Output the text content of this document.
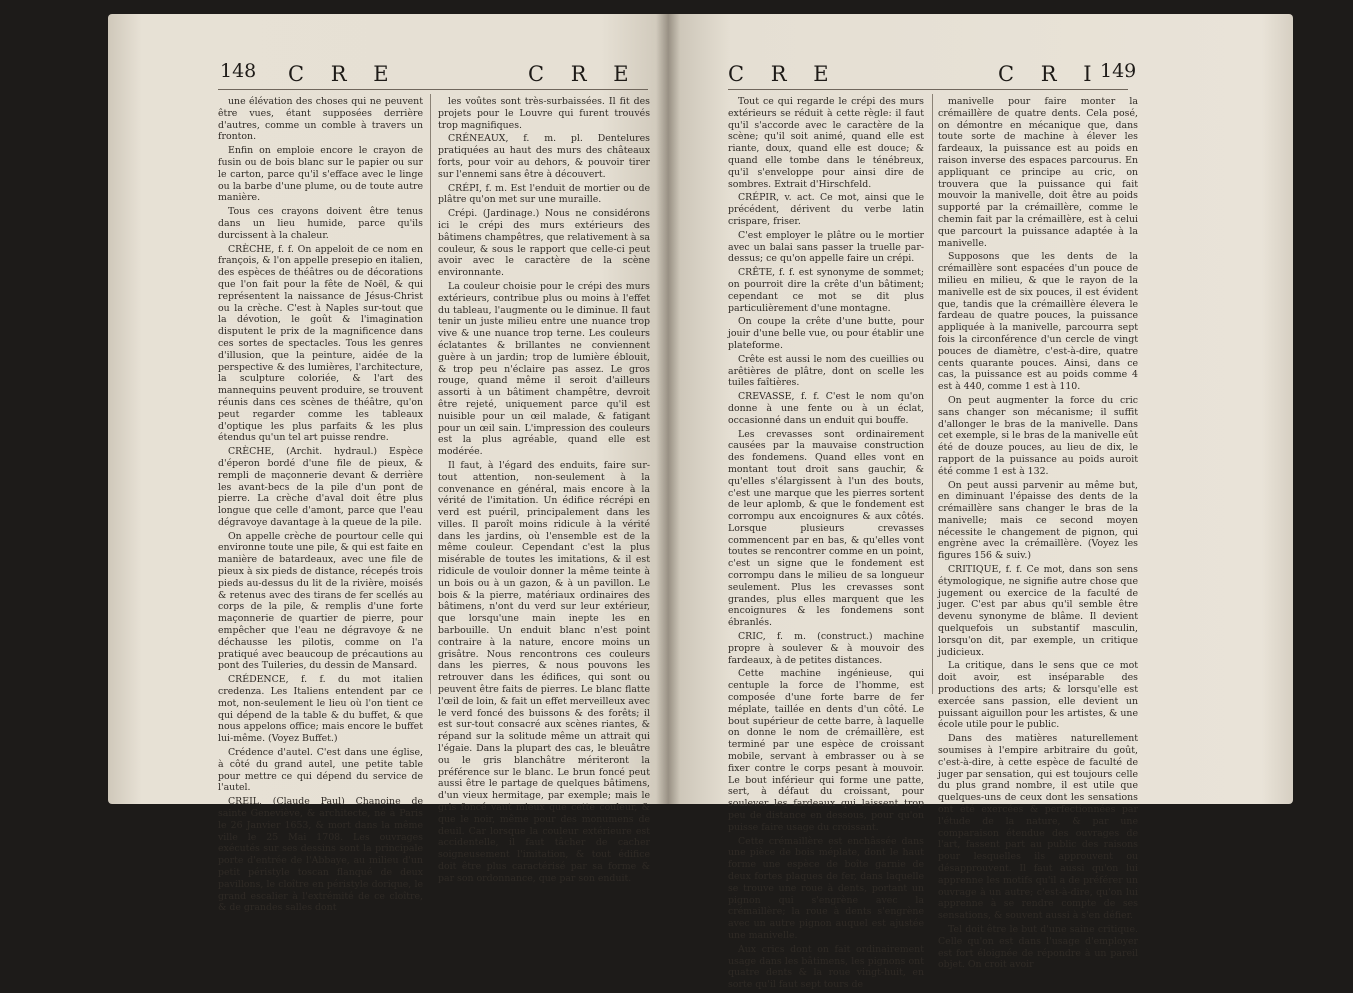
148 C R E	C R E

une élévation des choses qui ne peuvent être vues, étant supposées derrière d'autres, comme un comble à travers un fronton.

Enfin on emploie encore le crayon de fusin ou de bois blanc sur le papier ou sur le carton, parce qu'il s'efface avec le linge ou la barbe d'une plume, ou de toute autre manière.

Tous ces crayons doivent être tenus dans un lieu humide, parce qu'ils durcissent à la chaleur.

CRÈCHE, f. f. On appeloit de ce nom en françois, & l'on appelle presepio en italien, des espèces de théâtres ou de décorations que l'on fait pour la fête de Noël, & qui représentent la naissance de Jésus-Christ ou la crèche. C'est à Naples sur-tout que la dévotion, le goût & l'imagination disputent le prix de la magnificence dans ces sortes de spectacles. Tous les genres d'illusion, que la peinture, aidée de la perspective & des lumières, l'architecture, la sculpture coloriée, & l'art des mannequins peuvent produire, se trouvent réunis dans ces scènes de théâtre, qu'on peut regarder comme les tableaux d'optique les plus parfaits & les plus étendus qu'un tel art puisse rendre.

CRÈCHE, (Archit. hydraul.) Espèce d'éperon bordé d'une file de pieux, & rempli de maçonnerie devant & derrière les avant-becs de la pile d'un pont de pierre. La crèche d'aval doit être plus longue que celle d'amont, parce que l'eau dégravoye davantage à la queue de la pile.

On appelle crèche de pourtour celle qui environne toute une pile, & qui est faite en manière de batardeaux, avec une file de pieux à six pieds de distance, récepés trois pieds au-dessus du lit de la rivière, moisés & retenus avec des tirans de fer scellés au corps de la pile, & remplis d'une forte maçonnerie de quartier de pierre, pour empêcher que l'eau ne dégravoye & ne déchausse les pilotis, comme on l'a pratiqué avec beaucoup de précautions au pont des Tuileries, du dessin de Mansard.

CRÉDENCE, f. f. du mot italien credenza. Les Italiens entendent par ce mot, non-seulement le lieu où l'on tient ce qui dépend de la table & du buffet, & que nous appelons office; mais encore le buffet lui-même. (Voyez Buffet.)

Crédence d'autel. C'est dans une église, à côté du grand autel, une petite table pour mettre ce qui dépend du service de l'autel.

CREIL, (Claude Paul) Chanoine de sainte Geneviève, & architecte, né à Paris le 26 Janvier 1653, & mort dans la même ville le 25 Mai 1708. Les ouvrages exécutés sur ses dessins sont la principale porte d'entrée de l'Abbaye, au milieu d'un petit péristyle toscan flanqué de deux pavillons, le cloître en péristyle dorique, le grand escalier à l'extrémité de ce cloître, & de grandes salles dont

les voûtes sont très-surbaissées. Il fit des projets pour le Louvre qui furent trouvés trop magnifiques.

CRÉNEAUX, f. m. pl. Dentelures pratiquées au haut des murs des châteaux forts, pour voir au dehors, & pouvoir tirer sur l'ennemi sans être à découvert.

CRÉPI, f. m. Est l'enduit de mortier ou de plâtre qu'on met sur une muraille.

Crépi. (Jardinage.) Nous ne considérons ici le crépi des murs extérieurs des bâtimens champêtres, que relativement à sa couleur, & sous le rapport que celle-ci peut avoir avec le caractère de la scène environnante.

La couleur choisie pour le crépi des murs extérieurs, contribue plus ou moins à l'effet du tableau, l'augmente ou le diminue. Il faut tenir un juste milieu entre une nuance trop vive & une nuance trop terne. Les couleurs éclatantes & brillantes ne conviennent guère à un jardin; trop de lumière éblouit, & trop peu n'éclaire pas assez. Le gros rouge, quand même il seroit d'ailleurs assorti à un bâtiment champêtre, devroit être rejeté, uniquement parce qu'il est nuisible pour un œil malade, & fatigant pour un œil sain. L'impression des couleurs est la plus agréable, quand elle est modérée.

Il faut, à l'égard des enduits, faire sur-tout attention, non-seulement à la convenance en général, mais encore à la vérité de l'imitation. Un édifice récrépi en verd est puéril, principalement dans les villes. Il paroît moins ridicule à la vérité dans les jardins, où l'ensemble est de la même couleur. Cependant c'est la plus misérable de toutes les imitations, & il est ridicule de vouloir donner la même teinte à un bois ou à un gazon, & à un pavillon. Le bois & la pierre, matériaux ordinaires des bâtimens, n'ont du verd sur leur extérieur, que lorsqu'une main inepte les en barbouille. Un enduit blanc n'est point contraire à la nature, encore moins un grisâtre. Nous rencontrons ces couleurs dans les pierres, & nous pouvons les retrouver dans les édifices, qui sont ou peuvent être faits de pierres. Le blanc flatte l'œil de loin, & fait un effet merveilleux avec le verd foncé des buissons & des forêts; il est sur-tout consacré aux scènes riantes, & répand sur la solitude même un attrait qui l'égaie. Dans la plupart des cas, le bleuâtre ou le gris blanchâtre mériteront la préférence sur le blanc. Le brun foncé peut aussi être le partage de quelques bâtimens, d'un vieux hermitage, par exemple; mais le gris foncé vaut mieux que cette couleur, & que le noir, même pour des monumens de deuil. Car lorsque la couleur extérieure est accidentelle, il faut tâcher de cacher soigneusement l'imitation, & tout édifice doit être plus caractérisé par sa forme & par son ordonnance, que par son enduit.

C R E	C R I
149

Tout ce qui regarde le crépi des murs extérieurs se réduit à cette règle: il faut qu'il s'accorde avec le caractère de la scène; qu'il soit animé, quand elle est riante, doux, quand elle est douce; & quand elle tombe dans le ténébreux, qu'il s'enveloppe pour ainsi dire de sombres. Extrait d'Hirschfeld.

CRÉPIR, v. act. Ce mot, ainsi que le précédent, dérivent du verbe latin crispare, friser.

C'est employer le plâtre ou le mortier avec un balai sans passer la truelle par-dessus; ce qu'on appelle faire un crépi.

CRÊTE, f. f. est synonyme de sommet; on pourroit dire la crête d'un bâtiment; cependant ce mot se dit plus particulièrement d'une montagne.

On coupe la crête d'une butte, pour jouir d'une belle vue, ou pour établir une plateforme.

Crête est aussi le nom des cueillies ou arêtières de plâtre, dont on scelle les tuiles faîtières.

CREVASSE, f. f. C'est le nom qu'on donne à une fente ou à un éclat, occasionné dans un enduit qui bouffe.

Les crevasses sont ordinairement causées par la mauvaise construction des fondemens. Quand elles vont en montant tout droit sans gauchir, & qu'elles s'élargissent à l'un des bouts, c'est une marque que les pierres sortent de leur aplomb, & que le fondement est corrompu aux encoignures & aux côtés. Lorsque plusieurs crevasses commencent par en bas, & qu'elles vont toutes se rencontrer comme en un point, c'est un signe que le fondement est corrompu dans le milieu de sa longueur seulement. Plus les crevasses sont grandes, plus elles marquent que les encoignures & les fondemens sont ébranlés.

CRIC, f. m. (construct.) machine propre à soulever & à mouvoir des fardeaux, à de petites distances.

Cette machine ingénieuse, qui centuple la force de l'homme, est composée d'une forte barre de fer méplate, taillée en dents d'un côté. Le bout supérieur de cette barre, à laquelle on donne le nom de crémaillère, est terminé par une espèce de croissant mobile, servant à embrasser ou à se fixer contre le corps pesant à mouvoir. Le bout inférieur qui forme une patte, sert, à défaut du croissant, pour soulever les fardeaux qui laissent trop peu de distance en dessous, pour qu'on puisse faire usage du croissant.

Cette crémaillère est enchâssée dans une pièce de bois méplate, dont le haut forme une espèce de boîte garnie de deux fortes plaques de fer, dans laquelle se trouve une roue à dents, portant un pignon qui s'engrène avec la crémaillère; la roue à dents s'engrène avec un autre pignon auquel est ajustée une manivelle.

Aux crics dont on fait ordinairement usage dans les bâtimens, les pignons ont quatre dents & la roue vingt-huit, en sorte qu'il faut sept tours de

manivelle pour faire monter la crémaillère de quatre dents. Cela posé, on démontre en mécanique que, dans toute sorte de machine à élever les fardeaux, la puissance est au poids en raison inverse des espaces parcourus. En appliquant ce principe au cric, on trouvera que la puissance qui fait mouvoir la manivelle, doit être au poids supporté par la crémaillère, comme le chemin fait par la crémaillère, est à celui que parcourt la puissance adaptée à la manivelle.

Supposons que les dents de la crémaillère sont espacées d'un pouce de milieu en milieu, & que le rayon de la manivelle est de six pouces, il est évident que, tandis que la crémaillère élevera le fardeau de quatre pouces, la puissance appliquée à la manivelle, parcourra sept fois la circonférence d'un cercle de vingt pouces de diamètre, c'est-à-dire, quatre cents quarante pouces. Ainsi, dans ce cas, la puissance est au poids comme 4 est à 440, comme 1 est à 110.

On peut augmenter la force du cric sans changer son mécanisme; il suffit d'allonger le bras de la manivelle. Dans cet exemple, si le bras de la manivelle eût été de douze pouces, au lieu de dix, le rapport de la puissance au poids auroit été comme 1 est à 132.

On peut aussi parvenir au même but, en diminuant l'épaisse des dents de la crémaillère sans changer le bras de la manivelle; mais ce second moyen nécessite le changement de pignon, qui engrène avec la crémaillère. (Voyez les figures 156 & suiv.)

CRITIQUE, f. f. Ce mot, dans son sens étymologique, ne signifie autre chose que jugement ou exercice de la faculté de juger. C'est par abus qu'il semble être devenu synonyme de blâme. Il devient quelquefois un substantif masculin, lorsqu'on dit, par exemple, un critique judicieux.

La critique, dans le sens que ce mot doit avoir, est inséparable des productions des arts; & lorsqu'elle est exercée sans passion, elle devient un puissant aiguillon pour les artistes, & une école utile pour le public.

Dans des matières naturellement soumises à l'empire arbitraire du goût, c'est-à-dire, à cette espèce de faculté de juger par sensation, qui est toujours celle du plus grand nombre, il est utile que quelques-uns de ceux dont les sensations ont été exercées & perfectionnées par l'étude de la nature, & par une comparaison étendue des ouvrages de l'art, fassent part au public des raisons pour lesquelles ils approuvent ou désapprouvent. Il faut aussi qu'on lui apprenne les motifs qu'il a de préférer un ouvrage à un autre; c'est-à-dire, qu'on lui apprenne à se rendre compte de ses sensations, & souvent aussi à s'en défier.

Tel doit être le but d'une saine critique. Celle qu'on est dans l'usage d'employer est fort éloignée de répondre à un pareil objet. On croit avoir
